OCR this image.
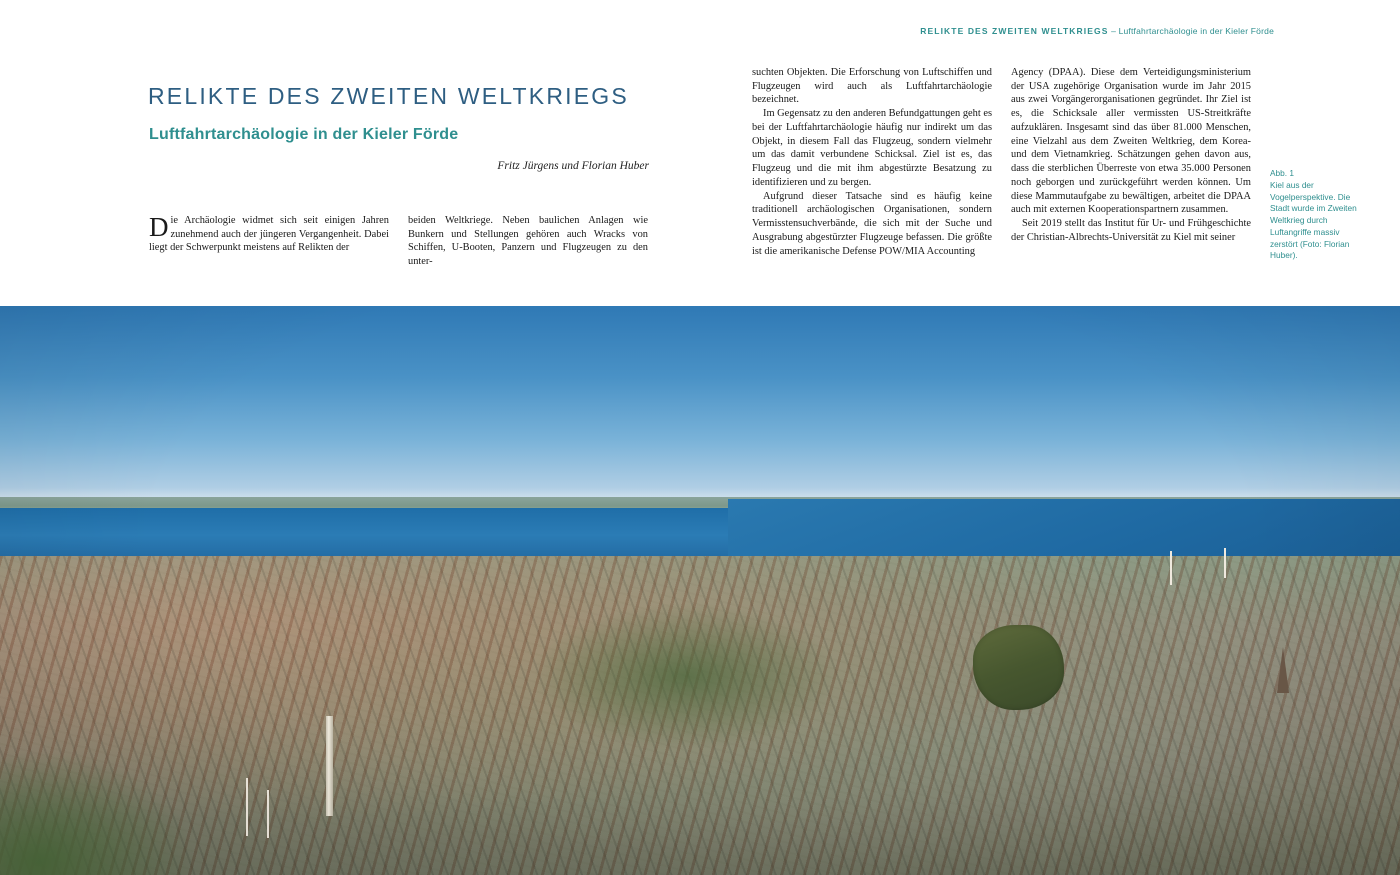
RELIKTE DES ZWEITEN WELTKRIEGS – Luftfahrtarchäologie in der Kieler Förde
RELIKTE DES ZWEITEN WELTKRIEGS
Luftfahrtarchäologie in der Kieler Förde
Fritz Jürgens und Florian Huber

Die Archäologie widmet sich seit einigen Jahren zunehmend auch der jüngeren Vergangenheit. Dabei liegt der Schwerpunkt meistens auf Relikten der

beiden Weltkriege. Neben baulichen Anlagen wie Bunkern und Stellungen gehören auch Wracks von Schiffen, U-Booten, Panzern und Flugzeugen zu den unter-

suchten Objekten. Die Erforschung von Luftschiffen und Flugzeugen wird auch als Luftfahrtarchäologie bezeichnet.

Im Gegensatz zu den anderen Befundgattungen geht es bei der Luftfahrtarchäologie häufig nur indirekt um das Objekt, in diesem Fall das Flugzeug, sondern vielmehr um das damit verbundene Schicksal. Ziel ist es, das Flugzeug und die mit ihm abgestürzte Besatzung zu identifizieren und zu bergen.

Aufgrund dieser Tatsache sind es häufig keine traditionell archäologischen Organisationen, sondern Vermisstensuchverbände, die sich mit der Suche und Ausgrabung abgestürzter Flugzeuge befassen. Die größte ist die amerikanische Defense POW/MIA Accounting

Agency (DPAA). Diese dem Verteidigungsministerium der USA zugehörige Organisation wurde im Jahr 2015 aus zwei Vorgängerorganisationen gegründet. Ihr Ziel ist es, die Schicksale aller vermissten US-Streitkräfte aufzuklären. Insgesamt sind das über 81.000 Menschen, eine Vielzahl aus dem Zweiten Weltkrieg, dem Korea- und dem Vietnamkrieg. Schätzungen gehen davon aus, dass die sterblichen Überreste von etwa 35.000 Personen noch geborgen und zurückgeführt werden können. Um diese Mammutaufgabe zu bewältigen, arbeitet die DPAA auch mit externen Kooperationspartnern zusammen.

Seit 2019 stellt das Institut für Ur- und Frühgeschichte der Christian-Albrechts-Universität zu Kiel mit seiner

Abb. 1
Kiel aus der Vogelperspektive. Die Stadt wurde im Zweiten Weltkrieg durch Luftangriffe massiv zerstört (Foto: Florian Huber).
